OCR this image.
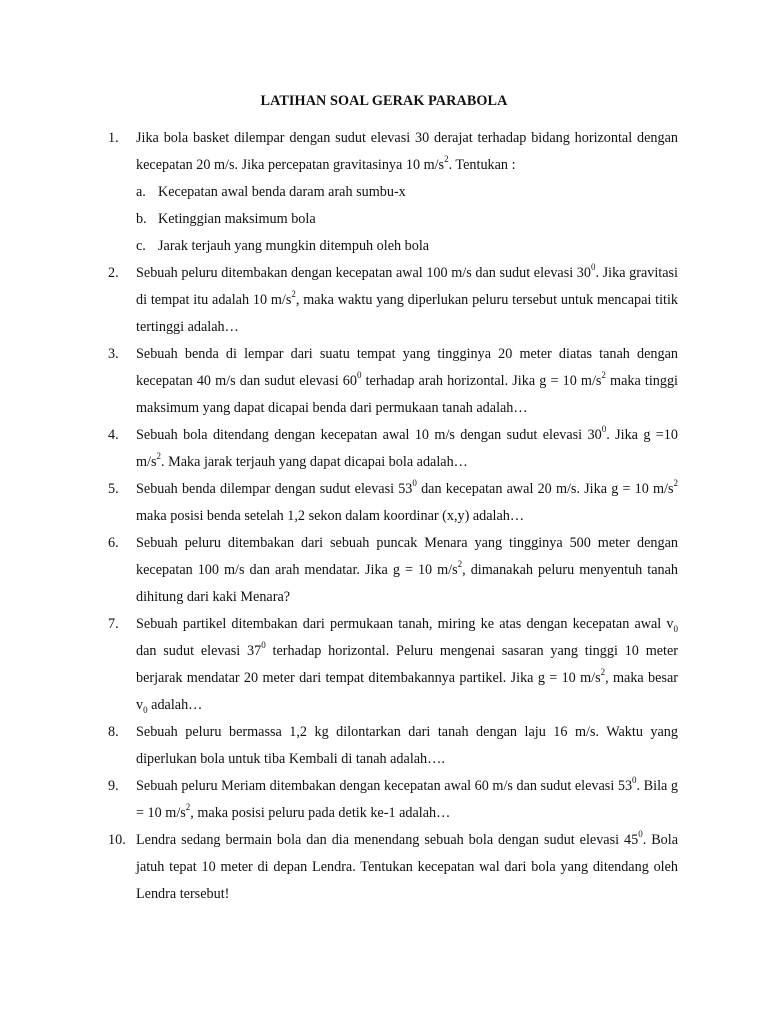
LATIHAN SOAL GERAK PARABOLA
1.	Jika bola basket dilempar dengan sudut elevasi 30 derajat terhadap bidang horizontal dengan kecepatan 20 m/s. Jika percepatan gravitasinya 10 $m/s^2$. Tentukan :
a. Kecepatan awal benda daram arah sumbu-x
b. Ketinggian maksimum bola
c. Jarak terjauh yang mungkin ditempuh oleh bola
2.	Sebuah peluru ditembakan dengan kecepatan awal 100 m/s dan sudut elevasi $30^0$. Jika gravitasi di tempat itu adalah 10 $m/s^2$, maka waktu yang diperlukan peluru tersebut untuk mencapai titik tertinggi adalah…
3.	Sebuah benda di lempar dari suatu tempat yang tingginya 20 meter diatas tanah dengan kecepatan 40 m/s dan sudut elevasi $60^0$ terhadap arah horizontal. Jika g = 10 $m/s^2$ maka tinggi maksimum yang dapat dicapai benda dari permukaan tanah adalah…
4.	Sebuah bola ditendang dengan kecepatan awal 10 m/s dengan sudut elevasi $30^0$. Jika g =10 $m/s^2$. Maka jarak terjauh yang dapat dicapai bola adalah…
5.	Sebuah benda dilempar dengan sudut elevasi $53^0$ dan kecepatan awal 20 m/s. Jika g = 10 $m/s^2$ maka posisi benda setelah 1,2 sekon dalam koordinar (x,y) adalah…
6.	Sebuah peluru ditembakan dari sebuah puncak Menara yang tingginya 500 meter dengan kecepatan 100 m/s dan arah mendatar. Jika g = 10 $m/s^2$, dimanakah peluru menyentuh tanah dihitung dari kaki Menara?
7.	Sebuah partikel ditembakan dari permukaan tanah, miring ke atas dengan kecepatan awal $v_0$ dan sudut elevasi $37^0$ terhadap horizontal. Peluru mengenai sasaran yang tinggi 10 meter berjarak mendatar 20 meter dari tempat ditembakannya partikel. Jika g = 10 $m/s^2$, maka besar $v_0$ adalah…
8.	Sebuah peluru bermassa 1,2 kg dilontarkan dari tanah dengan laju 16 m/s. Waktu yang diperlukan bola untuk tiba Kembali di tanah adalah….
9.	Sebuah peluru Meriam ditembakan dengan kecepatan awal 60 m/s dan sudut elevasi $53^0$. Bila g = 10 $m/s^2$, maka posisi peluru pada detik ke-1 adalah…
10. Lendra sedang bermain bola dan dia menendang sebuah bola dengan sudut elevasi $45^0$. Bola jatuh tepat 10 meter di depan Lendra. Tentukan kecepatan wal dari bola yang ditendang oleh Lendra tersebut!
